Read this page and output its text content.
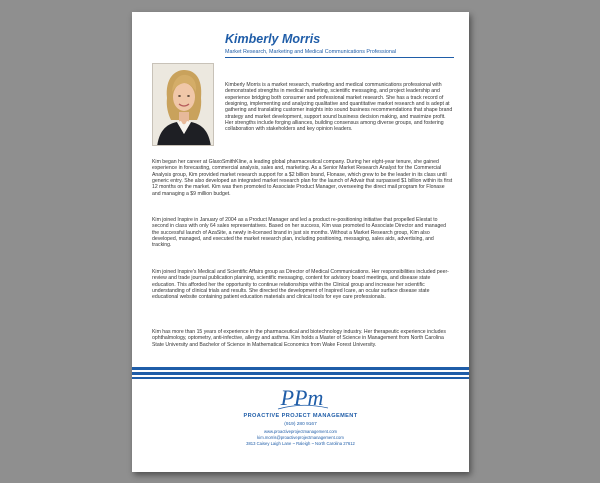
Kimberly Morris
Market Research, Marketing and Medical Communications Professional

Kimberly Morris is a market research, marketing and medical communications professional with demonstrated strengths in medical marketing, scientific messaging, and project leadership and experience bridging both consumer and professional market research. She has a track record of designing, implementing and analyzing qualitative and quantitative market research and is adept at gathering and translating customer insights into sound business recommendations that shape brand strategy and market development, support sound business decision making, and maximize profit. Her strengths include forging alliances, building consensus among diverse groups, and fostering collaboration with stakeholders and key opinion leaders.

Kim began her career at GlaxoSmithKline, a leading global pharmaceutical company. During her eight-year tenure, she gained experience in forecasting, commercial analysis, sales and, marketing. As a Senior Market Research Analyst for the Commercial Analysis group, Kim provided market research support for a $2 billion brand, Flonase, which grew to be the leader in its class until generic entry. She also developed an integrated market research plan for the launch of Advair that surpassed $1 billion within its first 12 months on the market. Kim was then promoted to Associate Product Manager, overseeing the direct mail program for Flonase and managing a $9 million budget.

Kim joined Inspire in January of 2004 as a Product Manager and led a product re-positioning initiative that propelled Elestat to second in class with only 64 sales representatives. Based on her success, Kim was promoted to Associate Director and managed the successful launch of AzaSite, a newly in-licensed brand in just six months. Without a Market Research group, Kim also developed, managed, and executed the market research plan, including positioning, messaging, sales aids, advertising, and tracking.

Kim joined Inspire's Medical and Scientific Affairs group as Director of Medical Communications. Her responsibilities included peer-review and trade journal publication planning, scientific messaging, content for advisory board meetings, and disease state education. This afforded her the opportunity to continue relationships within the Clinical group and increase her scientific understanding of clinical trials and results. She directed the development of Inspired Icare, an ocular surface disease state educational website containing patient education materials and clinical tools for eye care professionals.

Kim has more than 15 years of experience in the pharmaceutical and biotechnology industry. Her therapeutic experience includes ophthalmology, optometry, anti-infective, allergy and asthma. Kim holds a Master of Science in Management from North Carolina State University and Bachelor of Science in Mathematical Economics from Wake Forest University.

PPm
PROACTIVE PROJECT MANAGEMENT
(919) 280 9167
www.proactiveprojectmanagement.com
kim.morris@proactiveprojectmanagement.com
3813 Caisey Laigh Lane ~ Raleigh ~ North Carolina 27612
